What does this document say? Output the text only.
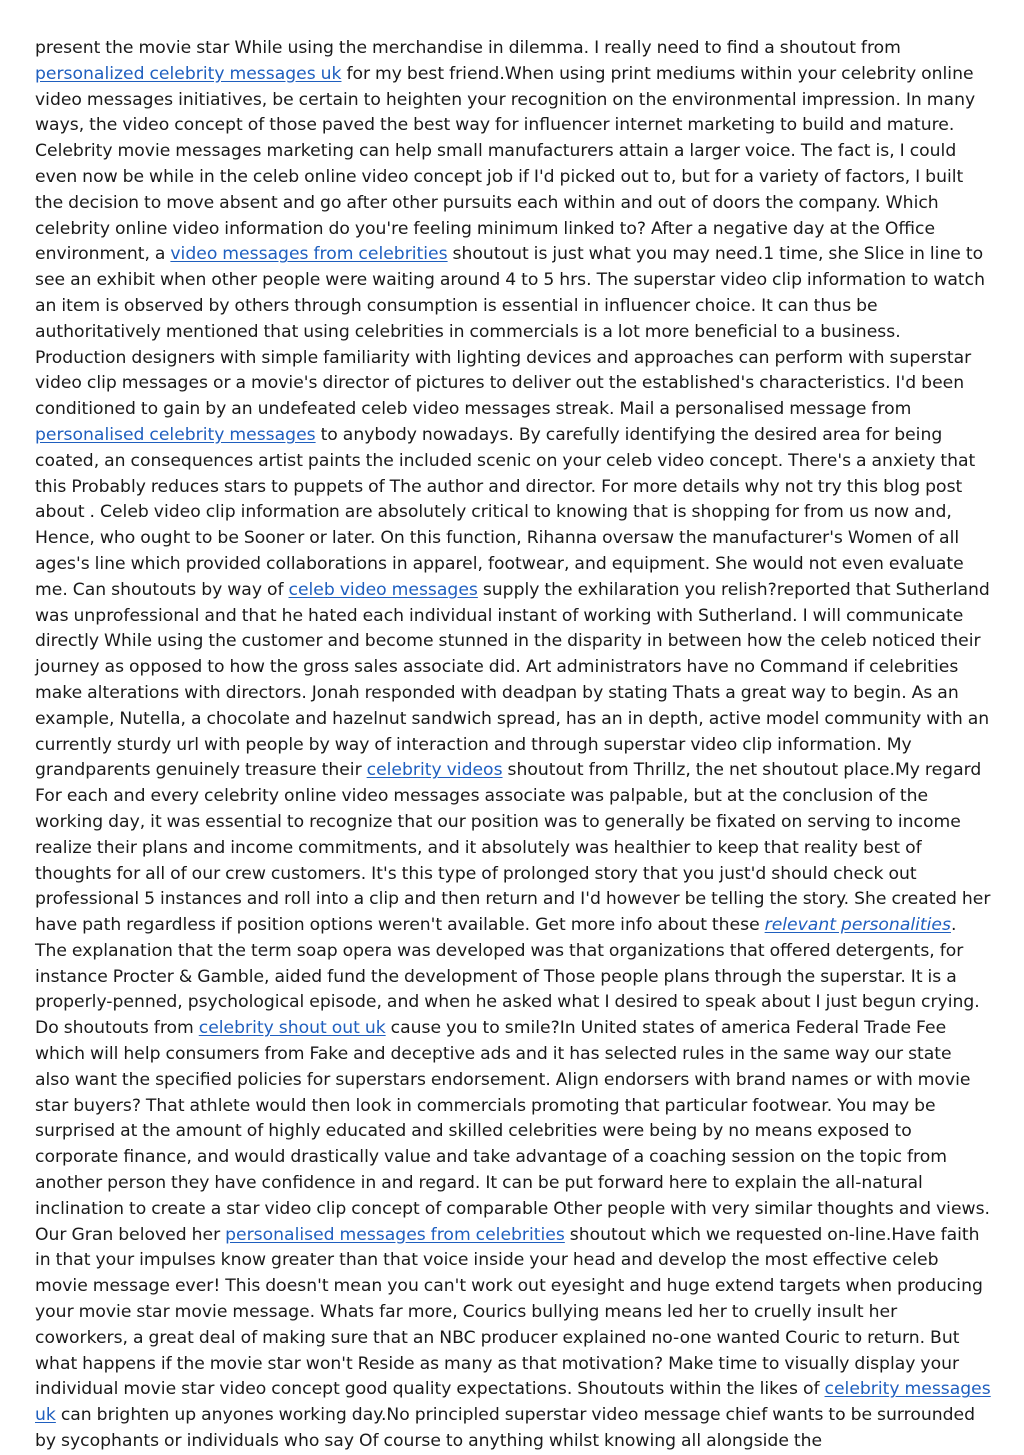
present the movie star While using the merchandise in dilemma. I really need to find a shoutout from personalized celebrity messages uk for my best friend.When using print mediums within your celebrity online video messages initiatives, be certain to heighten your recognition on the environmental impression. In many ways, the video concept of those paved the best way for influencer internet marketing to build and mature. Celebrity movie messages marketing can help small manufacturers attain a larger voice. The fact is, I could even now be while in the celeb online video concept job if I'd picked out to, but for a variety of factors, I built the decision to move absent and go after other pursuits each within and out of doors the company. Which celebrity online video information do you're feeling minimum linked to? After a negative day at the Office environment, a video messages from celebrities shoutout is just what you may need.1 time, she Slice in line to see an exhibit when other people were waiting around 4 to 5 hrs. The superstar video clip information to watch an item is observed by others through consumption is essential in influencer choice. It can thus be authoritatively mentioned that using celebrities in commercials is a lot more beneficial to a business. Production designers with simple familiarity with lighting devices and approaches can perform with superstar video clip messages or a movie's director of pictures to deliver out the established's characteristics. I'd been conditioned to gain by an undefeated celeb video messages streak. Mail a personalised message from personalised celebrity messages to anybody nowadays. By carefully identifying the desired area for being coated, an consequences artist paints the included scenic on your celeb video concept. There's a anxiety that this Probably reduces stars to puppets of The author and director. For more details why not try this blog post about . Celeb video clip information are absolutely critical to knowing that is shopping for from us now and, Hence, who ought to be Sooner or later. On this function, Rihanna oversaw the manufacturer's Women of all ages's line which provided collaborations in apparel, footwear, and equipment. She would not even evaluate me. Can shoutouts by way of celeb video messages supply the exhilaration you relish?reported that Sutherland was unprofessional and that he hated each individual instant of working with Sutherland. I will communicate directly While using the customer and become stunned in the disparity in between how the celeb noticed their journey as opposed to how the gross sales associate did. Art administrators have no Command if celebrities make alterations with directors. Jonah responded with deadpan by stating Thats a great way to begin. As an example, Nutella, a chocolate and hazelnut sandwich spread, has an in depth, active model community with an currently sturdy url with people by way of interaction and through superstar video clip information. My grandparents genuinely treasure their celebrity videos shoutout from Thrillz, the net shoutout place.My regard For each and every celebrity online video messages associate was palpable, but at the conclusion of the working day, it was essential to recognize that our position was to generally be fixated on serving to income realize their plans and income commitments, and it absolutely was healthier to keep that reality best of thoughts for all of our crew customers. It's this type of prolonged story that you just'd should check out professional 5 instances and roll into a clip and then return and I'd however be telling the story. She created her have path regardless if position options weren't available. Get more info about these relevant personalities. The explanation that the term soap opera was developed was that organizations that offered detergents, for instance Procter & Gamble, aided fund the development of Those people plans through the superstar. It is a properly-penned, psychological episode, and when he asked what I desired to speak about I just begun crying. Do shoutouts from celebrity shout out uk cause you to smile?In United states of america Federal Trade Fee which will help consumers from Fake and deceptive ads and it has selected rules in the same way our state also want the specified policies for superstars endorsement. Align endorsers with brand names or with movie star buyers? That athlete would then look in commercials promoting that particular footwear. You may be surprised at the amount of highly educated and skilled celebrities were being by no means exposed to corporate finance, and would drastically value and take advantage of a coaching session on the topic from another person they have confidence in and regard. It can be put forward here to explain the all-natural inclination to create a star video clip concept of comparable Other people with very similar thoughts and views. Our Gran beloved her personalised messages from celebrities shoutout which we requested on-line.Have faith in that your impulses know greater than that voice inside your head and develop the most effective celeb movie message ever! This doesn't mean you can't work out eyesight and huge extend targets when producing your movie star movie message. Whats far more, Courics bullying means led her to cruelly insult her coworkers, a great deal of making sure that an NBC producer explained no-one wanted Couric to return. But what happens if the movie star won't Reside as many as that motivation? Make time to visually display your individual movie star video concept good quality expectations. Shoutouts within the likes of celebrity messages uk can brighten up anyones working day.No principled superstar video message chief wants to be surrounded by sycophants or individuals who say Of course to anything whilst knowing all alongside the
